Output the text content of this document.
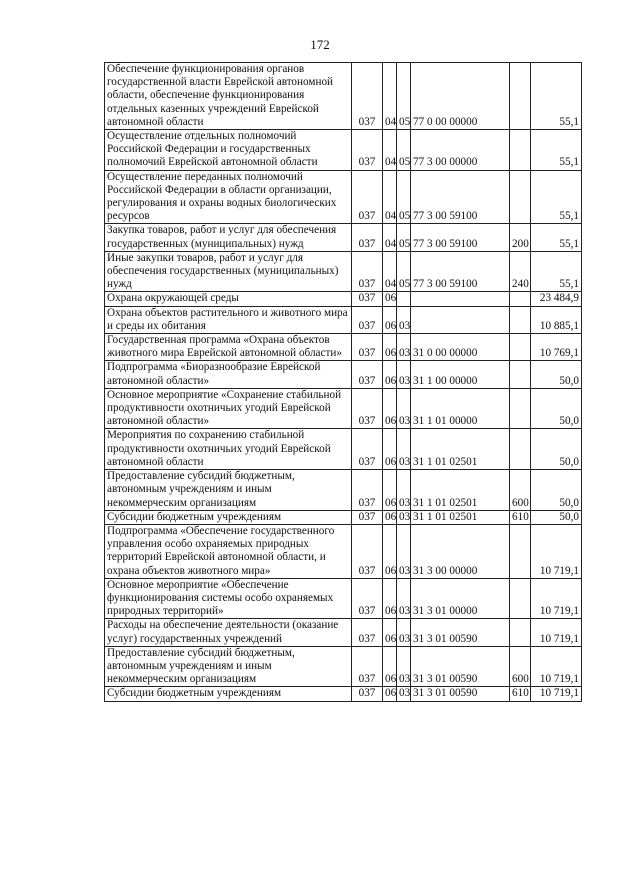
172
Обеспечение функционирования органов государственной власти Еврейской автономной области, обеспечение функционирования отдельных казенных учреждений Еврейской автономной области	037	04	05	77 0 00 00000		55,1
Осуществление отдельных полномочий Российской Федерации и государственных полномочий Еврейской автономной области	037	04	05	77 3 00 00000		55,1
Осуществление переданных полномочий Российской Федерации в области организации, регулирования и охраны водных биологических ресурсов	037	04	05	77 3 00 59100		55,1
Закупка товаров, работ и услуг для обеспечения государственных (муниципальных) нужд	037	04	05	77 3 00 59100	200	55,1
Иные закупки товаров, работ и услуг для обеспечения государственных (муниципальных) нужд	037	04	05	77 3 00 59100	240	55,1
Охрана окружающей среды	037	06				23 484,9
Охрана объектов растительного и животного мира и среды их обитания	037	06	03			10 885,1
Государственная программа «Охрана объектов животного мира Еврейской автономной области»	037	06	03	31 0 00 00000		10 769,1
Подпрограмма «Биоразнообразие Еврейской автономной области»	037	06	03	31 1 00 00000		50,0
Основное мероприятие «Сохранение стабильной продуктивности охотничьих угодий Еврейской автономной области»	037	06	03	31 1 01 00000		50,0
Мероприятия по сохранению стабильной продуктивности охотничьих угодий Еврейской автономной области	037	06	03	31 1 01 02501		50,0
Предоставление субсидий бюджетным, автономным учреждениям и иным некоммерческим организациям	037	06	03	31 1 01 02501	600	50,0
Субсидии бюджетным учреждениям	037	06	03	31 1 01 02501	610	50,0
Подпрограмма «Обеспечение государственного управления особо охраняемых природных территорий Еврейской автономной области, и охрана объектов животного мира»	037	06	03	31 3 00 00000		10 719,1
Основное мероприятие «Обеспечение функционирования системы особо охраняемых природных территорий»	037	06	03	31 3 01 00000		10 719,1
Расходы на обеспечение деятельности (оказание услуг) государственных учреждений	037	06	03	31 3 01 00590		10 719,1
Предоставление субсидий бюджетным, автономным учреждениям и иным некоммерческим организациям	037	06	03	31 3 01 00590	600	10 719,1
Субсидии бюджетным учреждениям	037	06	03	31 3 01 00590	610	10 719,1
